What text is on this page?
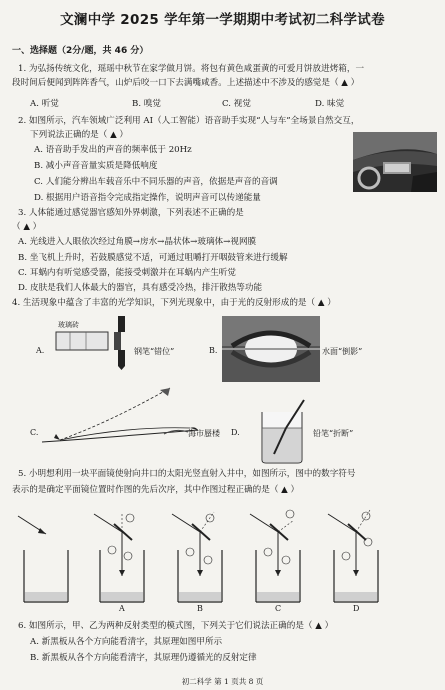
文澜中学 2025 学年第一学期期中考试初二科学试卷
一、选择题（2分/题，共 46 分）
1. 为弘扬传统文化，瑶瑶中秋节在家学做月饼。将包有黄色咸蛋黄的可爱月饼放进烤箱，一
段时间后便闻到阵阵香气，山炉后咬一口下去满嘴咸香。上述描述中不涉及的感觉是（ ▲ ）
A. 听觉	B. 嗅觉	C. 视觉	D. 味觉
2. 如图所示，汽车领域广泛利用 AI（人工智能）语音助手实现“人与车”全场景自然交互，
下列说法正确的是（ ▲ ）
A. 语音助手发出的声音的频率低于 20Hz
B. 减小声音音量实质是降低响度
C. 人们能分辨出车载音乐中不同乐器的声音，依据是声音的音调
D. 根据用户语音指令完成指定操作，说明声音可以传递能量
3. 人体能通过感觉器官感知外界刺激，下列表述不正确的是
（ ▲ ）
A. 光线进入人眼依次经过角膜→房水→晶状体→玻璃体→视网膜
B. 坐飞机上升时，若鼓膜感觉不适，可通过咀嚼打开咽鼓管来进行缓解
C. 耳蜗内有听觉感受器，能接受刺激并在耳蜗内产生听觉
D. 皮肤是我们人体最大的器官，具有感受冷热，排汗散热等功能
4. 生活现象中蕴含了丰富的光学知识，下列光现象中，由于光的反射形成的是（ ▲ ）
A.
玻璃砖
钢笔“错位”	B.	水面“倒影”
C.	海市蜃楼 D.	铅笔“折断”
5. 小明想利用一块平面镜使射向井口的太阳光竖直射入井中，如图所示，图中的数字符号
表示的是确定平面镜位置时作图的先后次序，其中作图过程正确的是（ ▲ ）
A	B	C	D
6. 如图所示，甲、乙为两种反射类型的模式图，下列关于它们说法正确的是（ ▲ ）
A. 新黑板从各个方向能看清字，其原理如图甲所示
B. 新黑板从各个方向能看清字，其原理仍遵循光的反射定律
初二科学 第 1 页共 8 页
